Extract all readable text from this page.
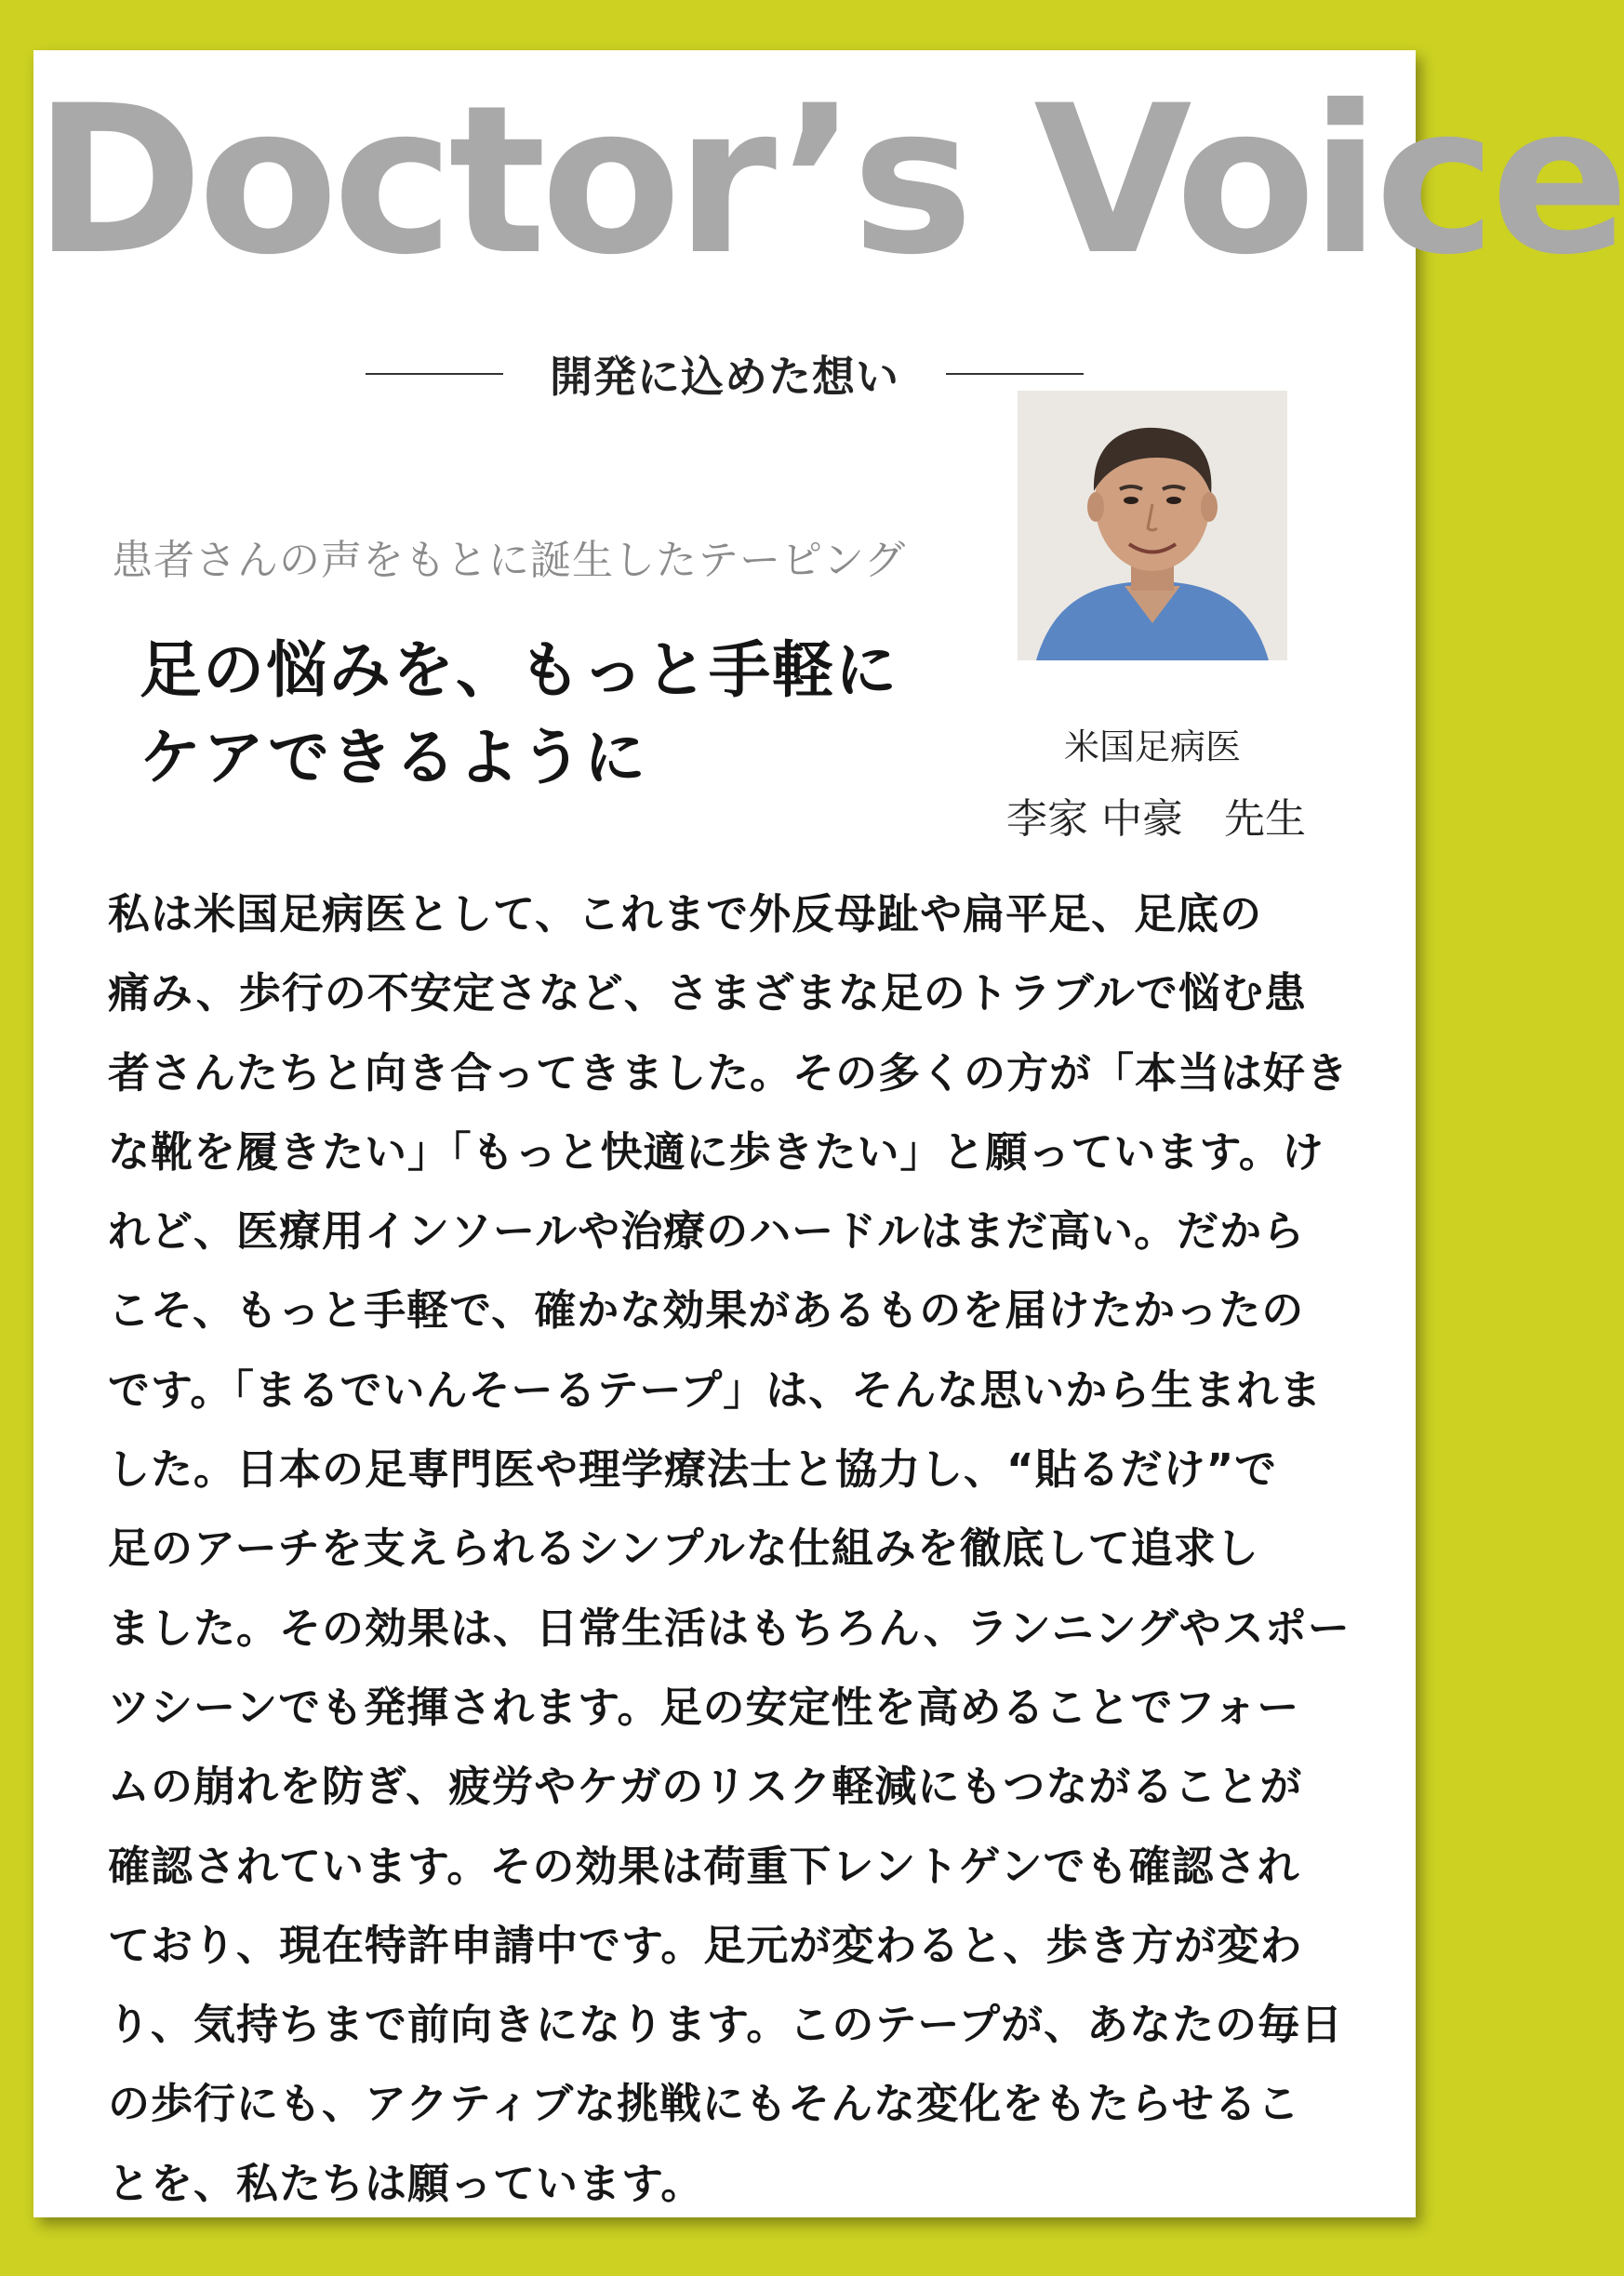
Doctor’s Voice
開発に込めた想い
患者さんの声をもとに誕生したテーピング
足の悩みを、もっと手軽に
ケアできるように	米国足病医
李家 中豪　先生
私は米国足病医として、これまで外反母趾や扁平足、足底の
痛み、歩行の不安定さなど、さまざまな足のトラブルで悩む患
者さんたちと向き合ってきました。その多くの方が「本当は好き
な靴を履きたい」「もっと快適に歩きたい」と願っています。け
れど、医療用インソールや治療のハードルはまだ高い。だから
こそ、もっと手軽で、確かな効果があるものを届けたかったの
です。「まるでいんそーるテープ」は、そんな思いから生まれま
した。日本の足専門医や理学療法士と協力し、“貼るだけ”で
足のアーチを支えられるシンプルな仕組みを徹底して追求し
ました。その効果は、日常生活はもちろん、ランニングやスポー
ツシーンでも発揮されます。足の安定性を高めることでフォー
ムの崩れを防ぎ、疲労やケガのリスク軽減にもつながることが
確認されています。その効果は荷重下レントゲンでも確認され
ており、現在特許申請中です。足元が変わると、歩き方が変わ
り、気持ちまで前向きになります。このテープが、あなたの毎日
の歩行にも、アクティブな挑戦にもそんな変化をもたらせるこ
とを、私たちは願っています。
